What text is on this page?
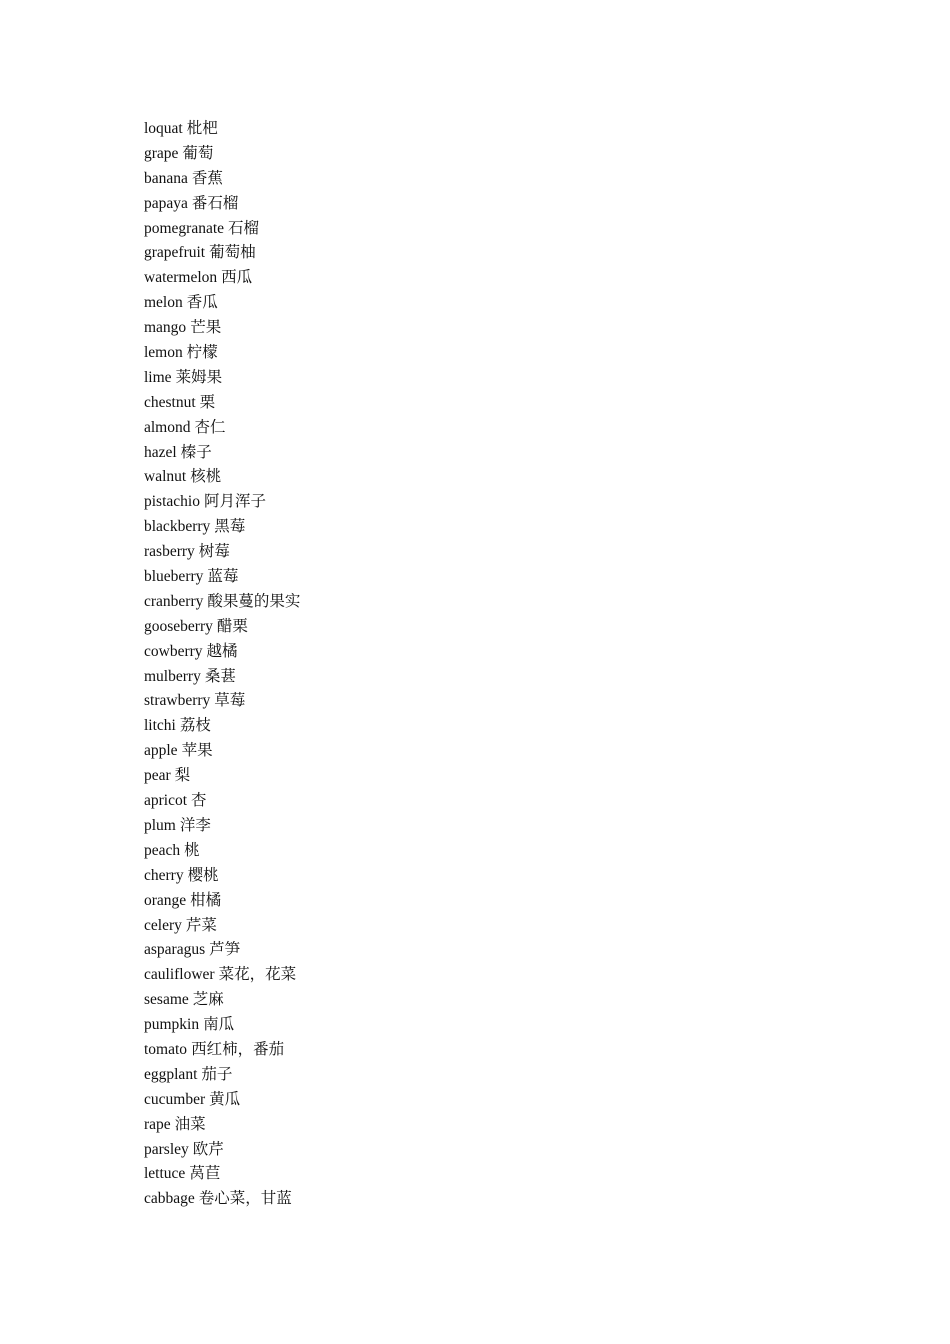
loquat 枇杷
grape 葡萄
banana 香蕉
papaya 番石榴
pomegranate 石榴
grapefruit 葡萄柚
watermelon 西瓜
melon 香瓜
mango 芒果
lemon 柠檬
lime 莱姆果
chestnut 栗
almond 杏仁
hazel 榛子
walnut 核桃
pistachio 阿月浑子
blackberry 黑莓
rasberry 树莓
blueberry 蓝莓
cranberry 酸果蔓的果实
gooseberry 醋栗
cowberry 越橘
mulberry 桑葚
strawberry 草莓
litchi 荔枝
apple 苹果
pear 梨
apricot 杏
plum 洋李
peach 桃
cherry 樱桃
orange 柑橘
celery 芹菜
asparagus 芦笋
cauliflower 菜花，花菜
sesame 芝麻
pumpkin 南瓜
tomato 西红柿，番茄
eggplant 茄子
cucumber 黄瓜
rape 油菜
parsley 欧芹
lettuce 莴苣
cabbage 卷心菜，甘蓝
